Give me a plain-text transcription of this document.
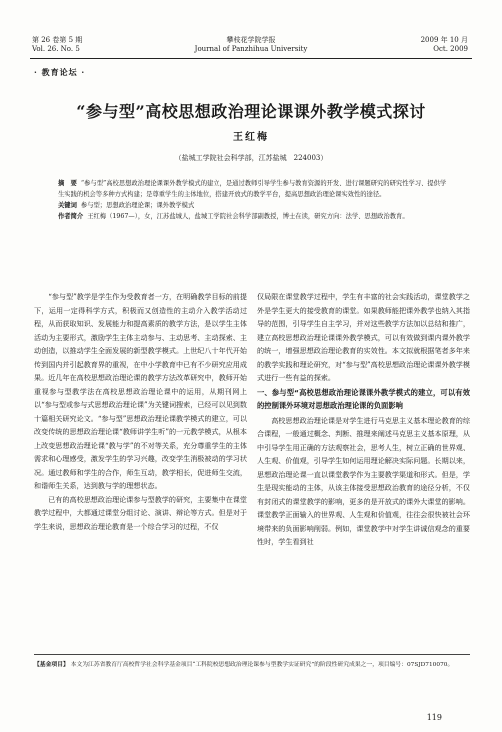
第 26 卷第 5 期
Vol. 26. No. 5
攀枝花学院学报
Journal of Panzhihua University
2009 年 10 月
Oct. 2009
· 教育论坛 ·
“参与型”高校思想政治理论课课外教学模式探讨
王红梅
（盐城工学院社会科学部，江苏盐城　224003）

摘　要 “参与型”高校思想政治理论课课外教学模式的建立，是通过教师引导学生参与教育资源的开发、进行课题研究的研究性学习、提供学生实践的机会等多种方式构建；是尊重学生的主体地位，搭建开放式的教学平台，提高思想政治理论课实效性的途径。

关键词 参与型；思想政治理论课；课外教学模式

作者简介 王红梅（1967—），女，江苏盐城人，盐城工学院社会科学部副教授，博士在读，研究方向：法学、思想政治教育。

“参与型”教学是学生作为受教育者一方，在明确教学目标的前提下，运用一定得科学方式，积极而又创造性的主动介入教学活动过程，从而获取知识、发展能力和提高素质的教学方法，是以学生主体活动为主要形式，激励学生主体主动参与、主动思考、主动探索、主动创造，以推动学生全面发展的新型教学模式。上世纪八十年代开始传到国内并引起教育界的重视，在中小学教育中已有不少研究应用成果。近几年在高校思想政治理论课的教学方法改革研究中，教师开始重视参与型教学法在高校思想政治理论课中的运用，从期刊网上以“参与型或参与式思想政治理论课”为关键词搜索，已经可以见到数十篇相关研究论文。“参与型”思想政治理论课教学模式的建立，可以改变传统的思想政治理论课“教师讲学生听”的一元教学模式，从根本上改变思想政治理论课“教与学”的不对等关系，充分尊重学生的主体需求和心理感受，激发学生的学习兴趣，改变学生消极被动的学习状况。通过教师和学生的合作，师生互动，教学相长，促进师生交流，和谐师生关系，达到教与学的理想状态。

已有的高校思想政治理论课参与型教学的研究，主要集中在课堂教学过程中，大都通过课堂分组讨论、演讲、辩论等方式。但是对于学生来说，思想政治理论教育是一个综合学习的过程，不仅

仅局限在课堂教学过程中，学生有丰富的社会实践活动，课堂教学之外是学生更大的接受教育的课堂。如果教师能把课外教学也纳入其指导的范围，引导学生自主学习，并对这些教学方法加以总结和推广，建立高校思想政治理论课课外教学模式，可以有效做到课内课外教学的统一，增强思想政治理论教育的实效性。本文拟就根据笔者多年来的教学实践和理论研究，对“参与型”高校思想政治理论课课外教学模式进行一些有益的探索。

一、参与型“高校思想政治理论课课外教学模式的建立，可以有效的控制课外环境对思想政治理论课的负面影响

高校思想政治理论课是对学生进行马克思主义基本理论教育的综合课程，一般通过概念、判断、推理来阐述马克思主义基本原理，从中引导学生用正确的方法观察社会，思考人生，树立正确的世界观、人生观、价值观，引导学生如何运用理论解决实际问题。长期以来，思想政治理论课一直以课堂教学作为主要教学渠道和形式。但是，学生是现实能动的主体，从该主体接受思想政治教育的途径分析，不仅有封闭式的课堂教学的影响，更多的是开放式的课外大课堂的影响。课堂教学正面输入的世界观、人生观和价值观，往往会很快被社会环境带来的负面影响削弱。例如，课堂教学中对学生讲诚信观念的重要性时，学生看到社

【基金项目】 本文为江苏省教育厅高校哲学社会科学基金项目“工科院校思想政治理论课参与型教学实证研究”的阶段性研究成果之一，项目编号：07SJD710070。
119
